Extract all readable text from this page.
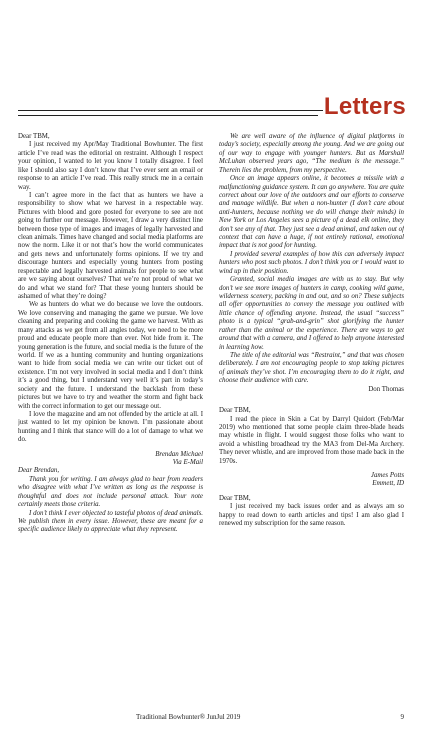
Letters

Dear TBM,

I just received my Apr/May Traditional Bowhunter. The first article I’ve read was the editorial on restraint. Although I respect your opinion, I wanted to let you know I totally disagree. I feel like I should also say I don’t know that I’ve ever sent an email or response to an article I’ve read. This really struck me in a certain way.

I can’t agree more in the fact that as hunters we have a responsibility to show what we harvest in a respectable way. Pictures with blood and gore posted for everyone to see are not going to further our message. However, I draw a very distinct line between those type of images and images of legally harvested and clean animals. Times have changed and social media platforms are now the norm. Like it or not that’s how the world communicates and gets news and unfortunately forms opinions. If we try and discourage hunters and especially young hunters from posting respectable and legally harvested animals for people to see what are we saying about ourselves? That we’re not proud of what we do and what we stand for? That these young hunters should be ashamed of what they’re doing?

We as hunters do what we do because we love the outdoors. We love conserving and managing the game we pursue. We love cleaning and preparing and cooking the game we harvest. With as many attacks as we get from all angles today, we need to be more proud and educate people more than ever. Not hide from it. The young generation is the future, and social media is the future of the world. If we as a hunting community and hunting organizations want to hide from social media we can write our ticket out of existence. I’m not very involved in social media and I don’t think it’s a good thing, but I understand very well it’s part in today’s society and the future. I understand the backlash from these pictures but we have to try and weather the storm and fight back with the correct information to get our message out.

I love the magazine and am not offended by the article at all. I just wanted to let my opinion be known. I’m passionate about hunting and I think that stance will do a lot of damage to what we do.

Brendan Michael

Via E-Mail

Dear Brendan,

Thank you for writing. I am always glad to hear from readers who disagree with what I’ve written as long as the response is thoughtful and does not include personal attack. Your note certainly meets those criteria.

I don’t think I ever objected to tasteful photos of dead animals. We publish them in every issue. However, these are meant for a specific audience likely to appreciate what they represent.

We are well aware of the influence of digital platforms in today’s society, especially among the young. And we are going out of our way to engage with younger hunters. But as Marshall McLuhan observed years ago, “The medium is the message.” Therein lies the problem, from my perspective.

Once an image appears online, it becomes a missile with a malfunctioning guidance system. It can go anywhere. You are quite correct about our love of the outdoors and our efforts to conserve and manage wildlife. But when a non-hunter (I don’t care about anti-hunters, because nothing we do will change their minds) in New York or Los Angeles sees a picture of a dead elk online, they don’t see any of that. They just see a dead animal, and taken out of context that can have a huge, if not entirely rational, emotional impact that is not good for hunting.

I provided several examples of how this can adversely impact hunters who post such photos. I don’t think you or I would want to wind up in their position.

Granted, social media images are with us to stay. But why don’t we see more images of hunters in camp, cooking wild game, wilderness scenery, packing in and out, and so on? These subjects all offer opportunities to convey the message you outlined with little chance of offending anyone. Instead, the usual “success” photo is a typical “grab-and-grin” shot glorifying the hunter rather than the animal or the experience. There are ways to get around that with a camera, and I offered to help anyone interested in learning how.

The title of the editorial was “Restraint,” and that was chosen deliberately. I am not encouraging people to stop taking pictures of animals they’ve shot. I’m encouraging them to do it right, and choose their audience with care.

Don Thomas

Dear TBM,

I read the piece in Skin a Cat by Darryl Quidort (Feb/Mar 2019) who mentioned that some people claim three-blade heads may whistle in flight. I would suggest those folks who want to avoid a whistling broadhead try the MA3 from Del-Ma Archery. They never whistle, and are improved from those made back in the 1970s.

James Potts

Emmett, ID

Dear TBM,

I just received my back issues order and as always am so happy to read down to earth articles and tips! I am also glad I renewed my subscription for the same reason.

Traditional Bowhunter® JunJul 2019	9
